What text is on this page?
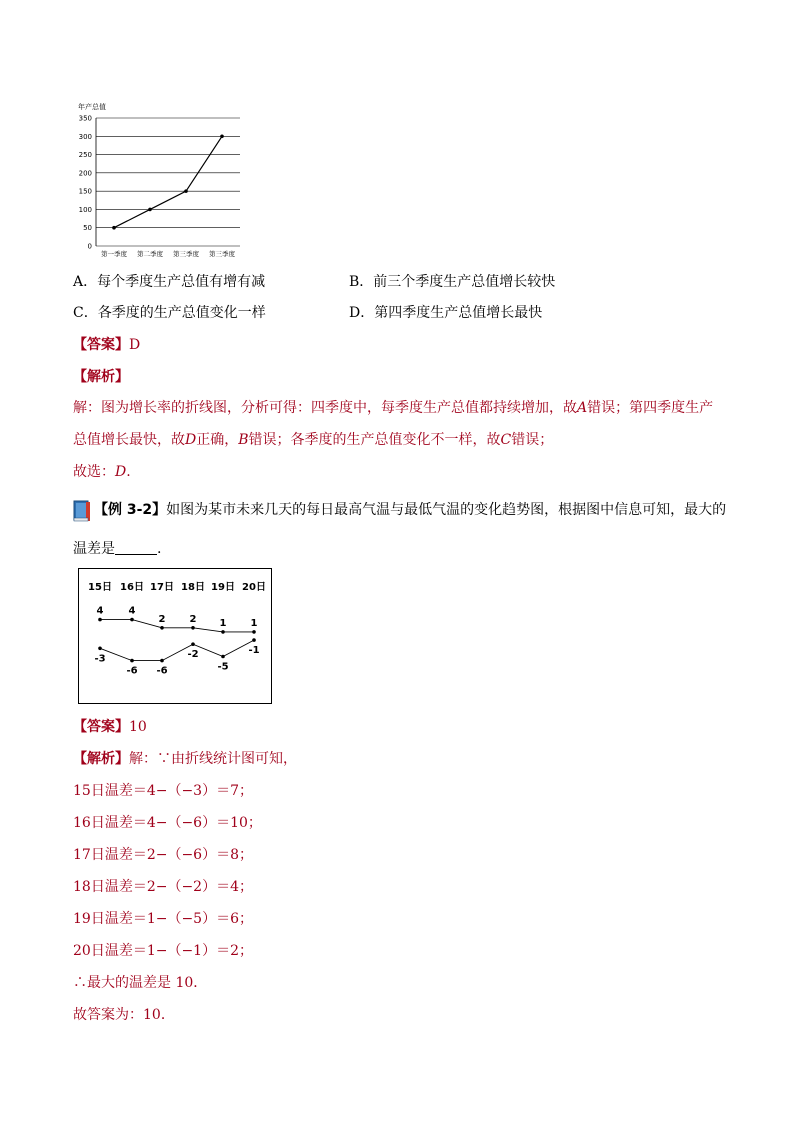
年产总值
0
50
100
150
200
250
300
350
第一季度 第二季度 第三季度 第三季度
A．每个季度生产总值有增有减	B．前三个季度生产总值增长较快
C．各季度的生产总值变化一样	D．第四季度生产总值增长最快
【答案】D
【解析】
解：图为增长率的折线图，分析可得：四季度中，每季度生产总值都持续增加，故A错误；第四季度生产
总值增长最快，故D正确，B错误；各季度的生产总值变化不一样，故C错误；
故选：D.
【例 3-2】如图为某市未来几天的每日最高气温与最低气温的变化趋势图，根据图中信息可知，最大的
温差是	.
15日 16日 17日 18日 19日 20日
4	4
2 2 1 1
-3
-6 -6
-2
-5
-1
【答案】10
【解析】解：∵由折线统计图可知，
15日温差＝4−（−3）＝7；
16日温差＝4−（−6）＝10；
17日温差＝2−（−6）＝8；
18日温差＝2−（−2）＝4；
19日温差＝1−（−5）＝6；
20日温差＝1−（−1）＝2；
∴最大的温差是 10．
故答案为：10．
